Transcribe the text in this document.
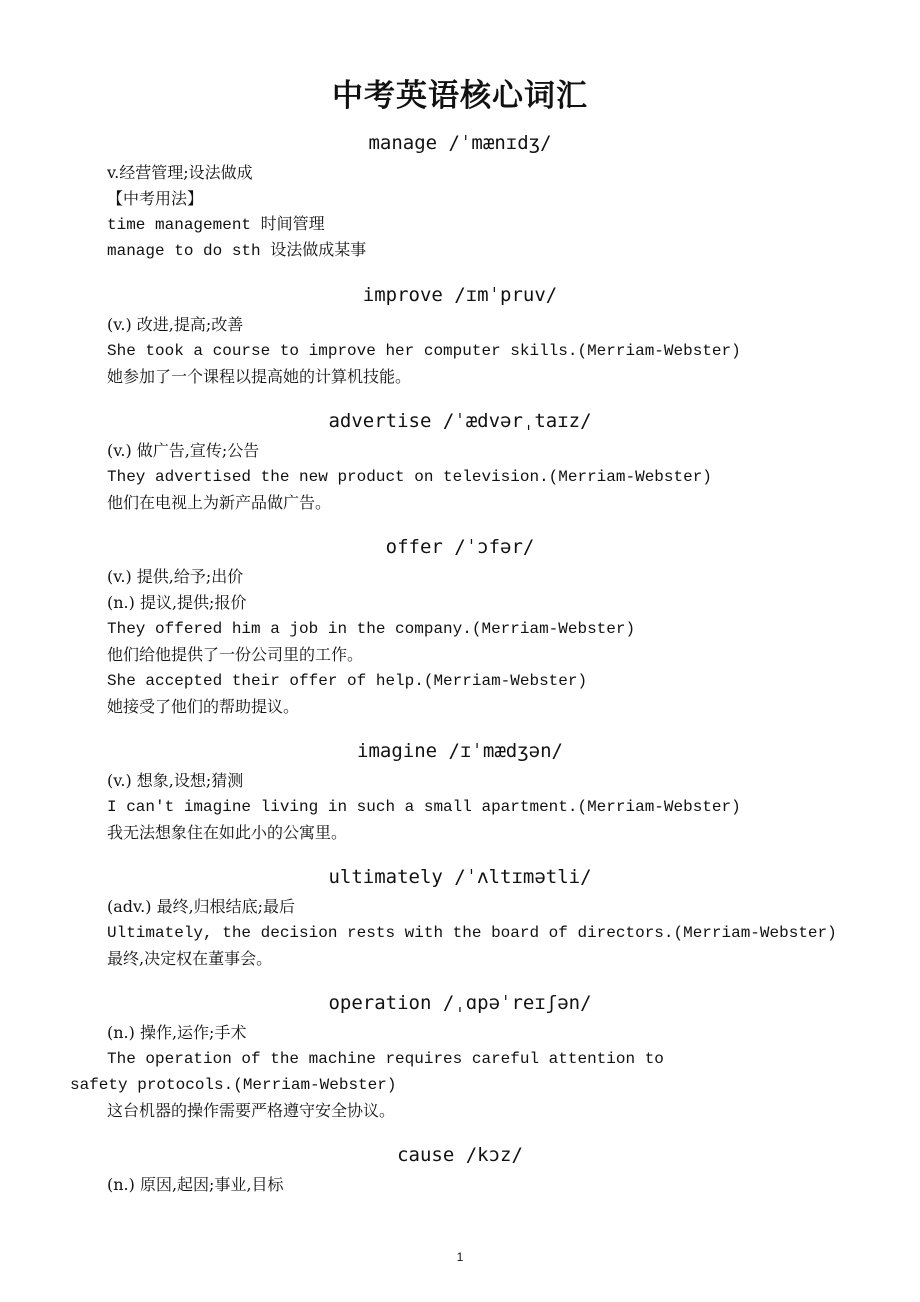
中考英语核心词汇
manage /ˈmænɪdʒ/
v.经营管理;设法做成
【中考用法】
time management 时间管理
manage to do sth 设法做成某事
improve /ɪmˈpruv/
(v.) 改进,提高;改善
She took a course to improve her computer skills.(Merriam-Webster)
她参加了一个课程以提高她的计算机技能。
advertise /ˈædvərˌtaɪz/
(v.) 做广告,宣传;公告
They advertised the new product on television.(Merriam-Webster)
他们在电视上为新产品做广告。
offer /ˈɔfər/
(v.) 提供,给予;出价
(n.) 提议,提供;报价
They offered him a job in the company.(Merriam-Webster)
他们给他提供了一份公司里的工作。
She accepted their offer of help.(Merriam-Webster)
她接受了他们的帮助提议。
imagine /ɪˈmædʒən/
(v.) 想象,设想;猜测
I can't imagine living in such a small apartment.(Merriam-Webster)
我无法想象住在如此小的公寓里。
ultimately /ˈʌltɪmətli/
(adv.) 最终,归根结底;最后
Ultimately, the decision rests with the board of directors.(Merriam-Webster)
最终,决定权在董事会。
operation /ˌɑpəˈreɪʃən/
(n.) 操作,运作;手术
The operation of the machine requires careful attention to safety protocols.(Merriam-Webster)
这台机器的操作需要严格遵守安全协议。
cause /kɔz/
(n.) 原因,起因;事业,目标
1
